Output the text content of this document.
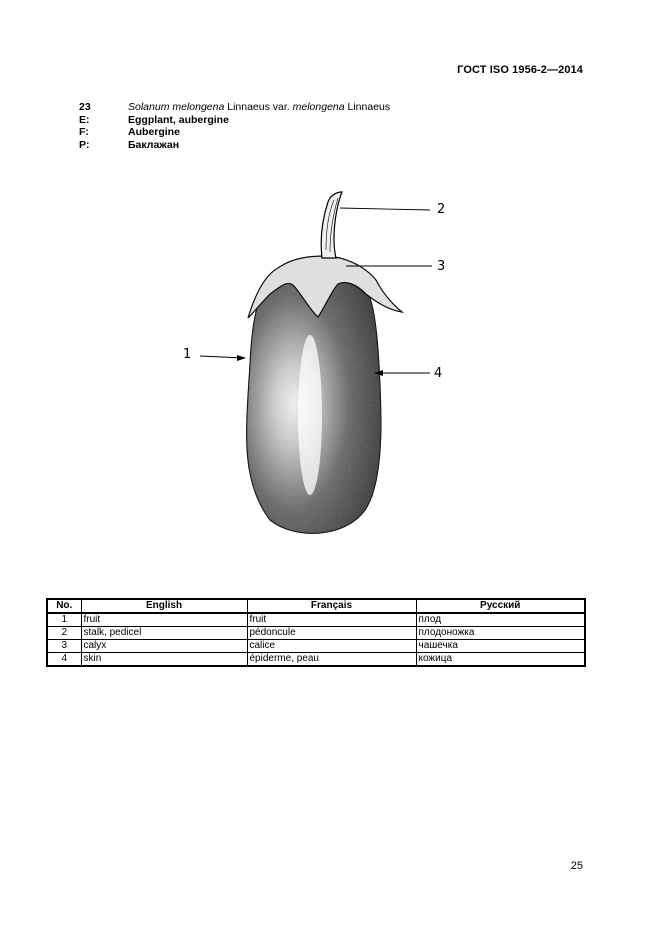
ГОСТ ISO 1956-2—2014
23	Solanum melongena Linnaeus var. melongena Linnaeus
E:	Eggplant, aubergine
F:	Aubergine
P:	Баклажан
1
2
3
4
No.	English	Français	Русский
1	fruit	fruit	плод
2	stalk, pedicel	pédoncule	плодоножка
3	calyx	calice	чашечка
4	skin	épiderme, peau	кожица
25
